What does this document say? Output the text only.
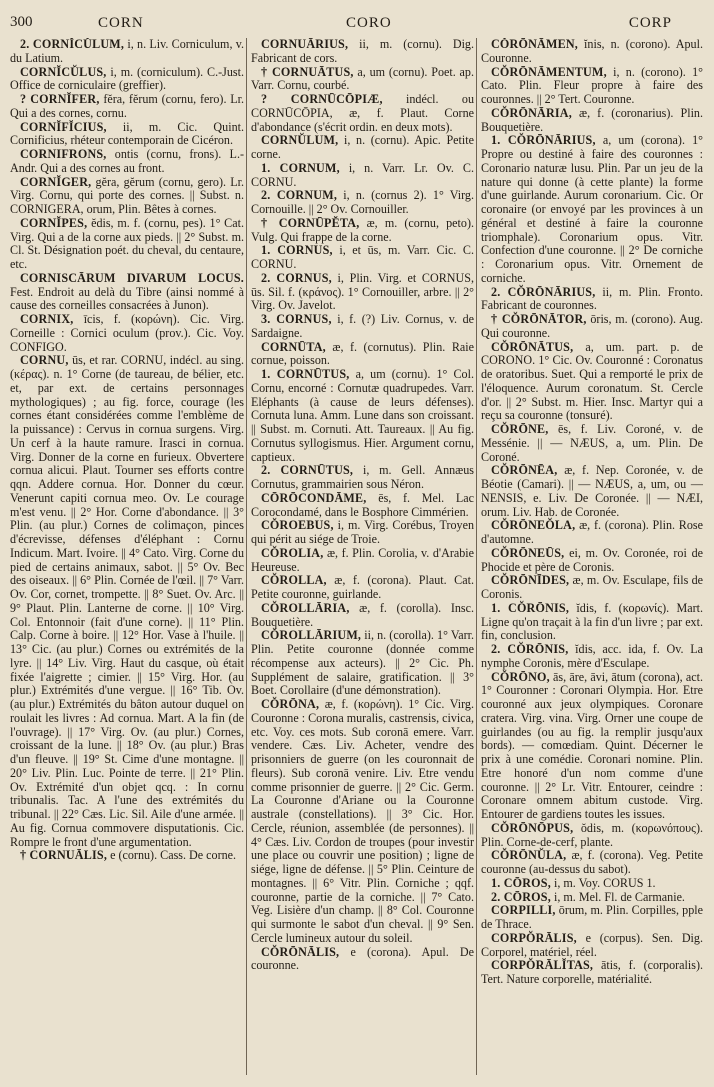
300	CORN	CORO	CORP

2. CORNĬCŬLUM, i, n. Liv. Corniculum, v. du Latium.

CORNĬCŬLUS, i, m. (corniculum). C.-Just. Office de corniculaire (greffier).

? CORNĬFER, fĕra, fĕrum (cornu, fero). Lr. Qui a des cornes, cornu.

CORNĬFĬCIUS, ii, m. Cic. Quint. Cornificius, rhéteur contemporain de Cicéron.

CORNIFRONS, ontis (cornu, frons). L.-Andr. Qui a des cornes au front.

CORNĬGER, gĕra, gĕrum (cornu, gero). Lr. Virg. Cornu, qui porte des cornes. || Subst. n. CORNIGERA, orum, Plin. Bêtes à cornes.

CORNĬPES, ĕdis, m. f. (cornu, pes). 1° Cat. Virg. Qui a de la corne aux pieds. || 2° Subst. m. Cl. St. Désignation poét. du cheval, du centaure, etc.

CORNISCĀRUM DIVARUM LOCUS. Fest. Endroit au delà du Tibre (ainsi nommé à cause des corneilles consacrées à Junon).

CORNIX, īcis, f. (κορώνη). Cic. Virg. Corneille : Cornici oculum (prov.). Cic. Voy. CONFIGO.

CORNU, ūs, et rar. CORNU, indécl. au sing. (κέρας). n. 1° Corne (de taureau, de bélier, etc. et, par ext. de certains personnages mythologiques) ; au fig. force, courage (les cornes étant considérées comme l'emblème de la puissance) : Cervus in cornua surgens. Virg. Un cerf à la haute ramure. Irasci in cornua. Virg. Donner de la corne en furieux. Obvertere cornua alicui. Plaut. Tourner ses efforts contre qqn. Addere cornua. Hor. Donner du cœur. Venerunt capiti cornua meo. Ov. Le courage m'est venu. || 2° Hor. Corne d'abondance. || 3° Plin. (au plur.) Cornes de colimaçon, pinces d'écrevisse, défenses d'éléphant : Cornu Indicum. Mart. Ivoire. || 4° Cato. Virg. Corne du pied de certains animaux, sabot. || 5° Ov. Bec des oiseaux. || 6° Plin. Cornée de l'œil. || 7° Varr. Ov. Cor, cornet, trompette. || 8° Suet. Ov. Arc. || 9° Plaut. Plin. Lanterne de corne. || 10° Virg. Col. Entonnoir (fait d'une corne). || 11° Plin. Calp. Corne à boire. || 12° Hor. Vase à l'huile. || 13° Cic. (au plur.) Cornes ou extrémités de la lyre. || 14° Liv. Virg. Haut du casque, où était fixée l'aigrette ; cimier. || 15° Virg. Hor. (au plur.) Extrémités d'une vergue. || 16° Tib. Ov. (au plur.) Extrémités du bâton autour duquel on roulait les livres : Ad cornua. Mart. A la fin (de l'ouvrage). || 17° Virg. Ov. (au plur.) Cornes, croissant de la lune. || 18° Ov. (au plur.) Bras d'un fleuve. || 19° St. Cime d'une montagne. || 20° Liv. Plin. Luc. Pointe de terre. || 21° Plin. Ov. Extrémité d'un objet qcq. : In cornu tribunalis. Tac. A l'une des extrémités du tribunal. || 22° Cæs. Lic. Sil. Aile d'une armée. || Au fig. Cornua commovere disputationis. Cic. Rompre le front d'une argumentation.

† CORNUĀLIS, e (cornu). Cass. De corne.

CORNUĀRIUS, ii, m. (cornu). Dig. Fabricant de cors.

† CORNUĀTUS, a, um (cornu). Poet. ap. Varr. Cornu, courbé.

? CORNŪCŌPIÆ, indécl. ou CORNŪCŌPIA, æ, f. Plaut. Corne d'abondance (s'écrit ordin. en deux mots).

CORNŬLUM, i, n. (cornu). Apic. Petite corne.

1. CORNUM, i, n. Varr. Lr. Ov. C. CORNU.

2. CORNUM, i, n. (cornus 2). 1° Virg. Cornouille. || 2° Ov. Cornouiller.

† CORNŪPĔTA, æ, m. (cornu, peto). Vulg. Qui frappe de la corne.

1. CORNUS, i, et ūs, m. Varr. Cic. C. CORNU.

2. CORNUS, i, Plin. Virg. et CORNUS, ūs. Sil. f. (κράνος). 1° Cornouiller, arbre. || 2° Virg. Ov. Javelot.

3. CORNUS, i, f. (?) Liv. Cornus, v. de Sardaigne.

CORNŪTA, æ, f. (cornutus). Plin. Raie cornue, poisson.

1. CORNŪTUS, a, um (cornu). 1° Col. Cornu, encorné : Cornutæ quadrupedes. Varr. Eléphants (à cause de leurs défenses). Cornuta luna. Amm. Lune dans son croissant. || Subst. m. Cornuti. Att. Taureaux. || Au fig. Cornutus syllogismus. Hier. Argument cornu, captieux.

2. CORNŪTUS, i, m. Gell. Annæus Cornutus, grammairien sous Néron.

CŌRŌCONDĀME, ēs, f. Mel. Lac Corocondamé, dans le Bosphore Cimmérien.

CŎROEBUS, i, m. Virg. Corébus, Troyen qui périt au siége de Troie.

CŎROLIA, æ, f. Plin. Corolia, v. d'Arabie Heureuse.

CŎROLLA, æ, f. (corona). Plaut. Cat. Petite couronne, guirlande.

CŎROLLĀRIA, æ, f. (corolla). Insc. Bouquetière.

CŎROLLĀRIUM, ii, n. (corolla). 1° Varr. Plin. Petite couronne (donnée comme récompense aux acteurs). || 2° Cic. Ph. Supplément de salaire, gratification. || 3° Boet. Corollaire (d'une démonstration).

CŎRŌNA, æ, f. (κορώνη). 1° Cic. Virg. Couronne : Corona muralis, castrensis, civica, etc. Voy. ces mots. Sub coronā emere. Varr. vendere. Cæs. Liv. Acheter, vendre des prisonniers de guerre (on les couronnait de fleurs). Sub coronā venire. Liv. Etre vendu comme prisonnier de guerre. || 2° Cic. Germ. La Couronne d'Ariane ou la Couronne australe (constellations). || 3° Cic. Hor. Cercle, réunion, assemblée (de personnes). || 4° Cæs. Liv. Cordon de troupes (pour investir une place ou couvrir une position) ; ligne de siége, ligne de défense. || 5° Plin. Ceinture de montagnes. || 6° Vitr. Plin. Corniche ; qqf. couronne, partie de la corniche. || 7° Cato. Veg. Lisière d'un champ. || 8° Col. Couronne qui surmonte le sabot d'un cheval. || 9° Sen. Cercle lumineux autour du soleil.

CŎRŌNĀLIS, e (corona). Apul. De couronne.

CŎRŌNĀMEN, ĭnis, n. (corono). Apul. Couronne.

CŎRŌNĀMENTUM, i, n. (corono). 1° Cato. Plin. Fleur propre à faire des couronnes. || 2° Tert. Couronne.

CŎRŌNĀRIA, æ, f. (coronarius). Plin. Bouquetière.

1. CŎRŌNĀRIUS, a, um (corona). 1° Propre ou destiné à faire des couronnes : Coronario naturæ lusu. Plin. Par un jeu de la nature qui donne (à cette plante) la forme d'une guirlande. Aurum coronarium. Cic. Or coronaire (or envoyé par les provinces à un général et destiné à faire la couronne triomphale). Coronarium opus. Vitr. Confection d'une couronne. || 2° De corniche : Coronarium opus. Vitr. Ornement de corniche.

2. CŎRŌNĀRIUS, ii, m. Plin. Fronto. Fabricant de couronnes.

† CŎRŌNĀTOR, ōris, m. (corono). Aug. Qui couronne.

CŎRŌNĀTUS, a, um. part. p. de CORONO. 1° Cic. Ov. Couronné : Coronatus de oratoribus. Suet. Qui a remporté le prix de l'éloquence. Aurum coronatum. St. Cercle d'or. || 2° Subst. m. Hier. Insc. Martyr qui a reçu sa couronne (tonsuré).

CŎRŌNE, ēs, f. Liv. Coroné, v. de Messénie. || — NÆUS, a, um. Plin. De Coroné.

CŎRŌNĒA, æ, f. Nep. Coronée, v. de Béotie (Camari). || — NÆUS, a, um, ou — NENSIS, e. Liv. De Coronée. || — NÆI, orum. Liv. Hab. de Coronée.

CŎRŌNEŎLA, æ, f. (corona). Plin. Rose d'automne.

CŎRŌNEŪS, ei, m. Ov. Coronée, roi de Phocide et père de Coronis.

CŎRŌNĪDES, æ, m. Ov. Esculape, fils de Coronis.

1. CŎRŌNIS, ĭdis, f. (κορωνίς). Mart. Ligne qu'on traçait à la fin d'un livre ; par ext. fin, conclusion.

2. CŎRŌNIS, ĭdis, acc. ida, f. Ov. La nymphe Coronis, mère d'Esculape.

CŎRŌNO, ās, āre, āvi, ātum (corona), act. 1° Couronner : Coronari Olympia. Hor. Etre couronné aux jeux olympiques. Coronare cratera. Virg. vina. Virg. Orner une coupe de guirlandes (ou au fig. la remplir jusqu'aux bords). — comœdiam. Quint. Décerner le prix à une comédie. Coronari nomine. Plin. Etre honoré d'un nom comme d'une couronne. || 2° Lr. Vitr. Entourer, ceindre : Coronare omnem abitum custode. Virg. Entourer de gardiens toutes les issues.

CŎRŌNŌPUS, ŏdis, m. (κορωνόπους). Plin. Corne-de-cerf, plante.

CŎRŌNŬLA, æ, f. (corona). Veg. Petite couronne (au-dessus du sabot).

1. CŌROS, i, m. Voy. CORUS 1.

2. CŌROS, i, m. Mel. Fl. de Carmanie.

CORPILLI, ōrum, m. Plin. Corpilles, pple de Thrace.

CORPŎRĀLIS, e (corpus). Sen. Dig. Corporel, matériel, réel.

CORPŎRĀLĬTAS, ātis, f. (corporalis). Tert. Nature corporelle, matérialité.
